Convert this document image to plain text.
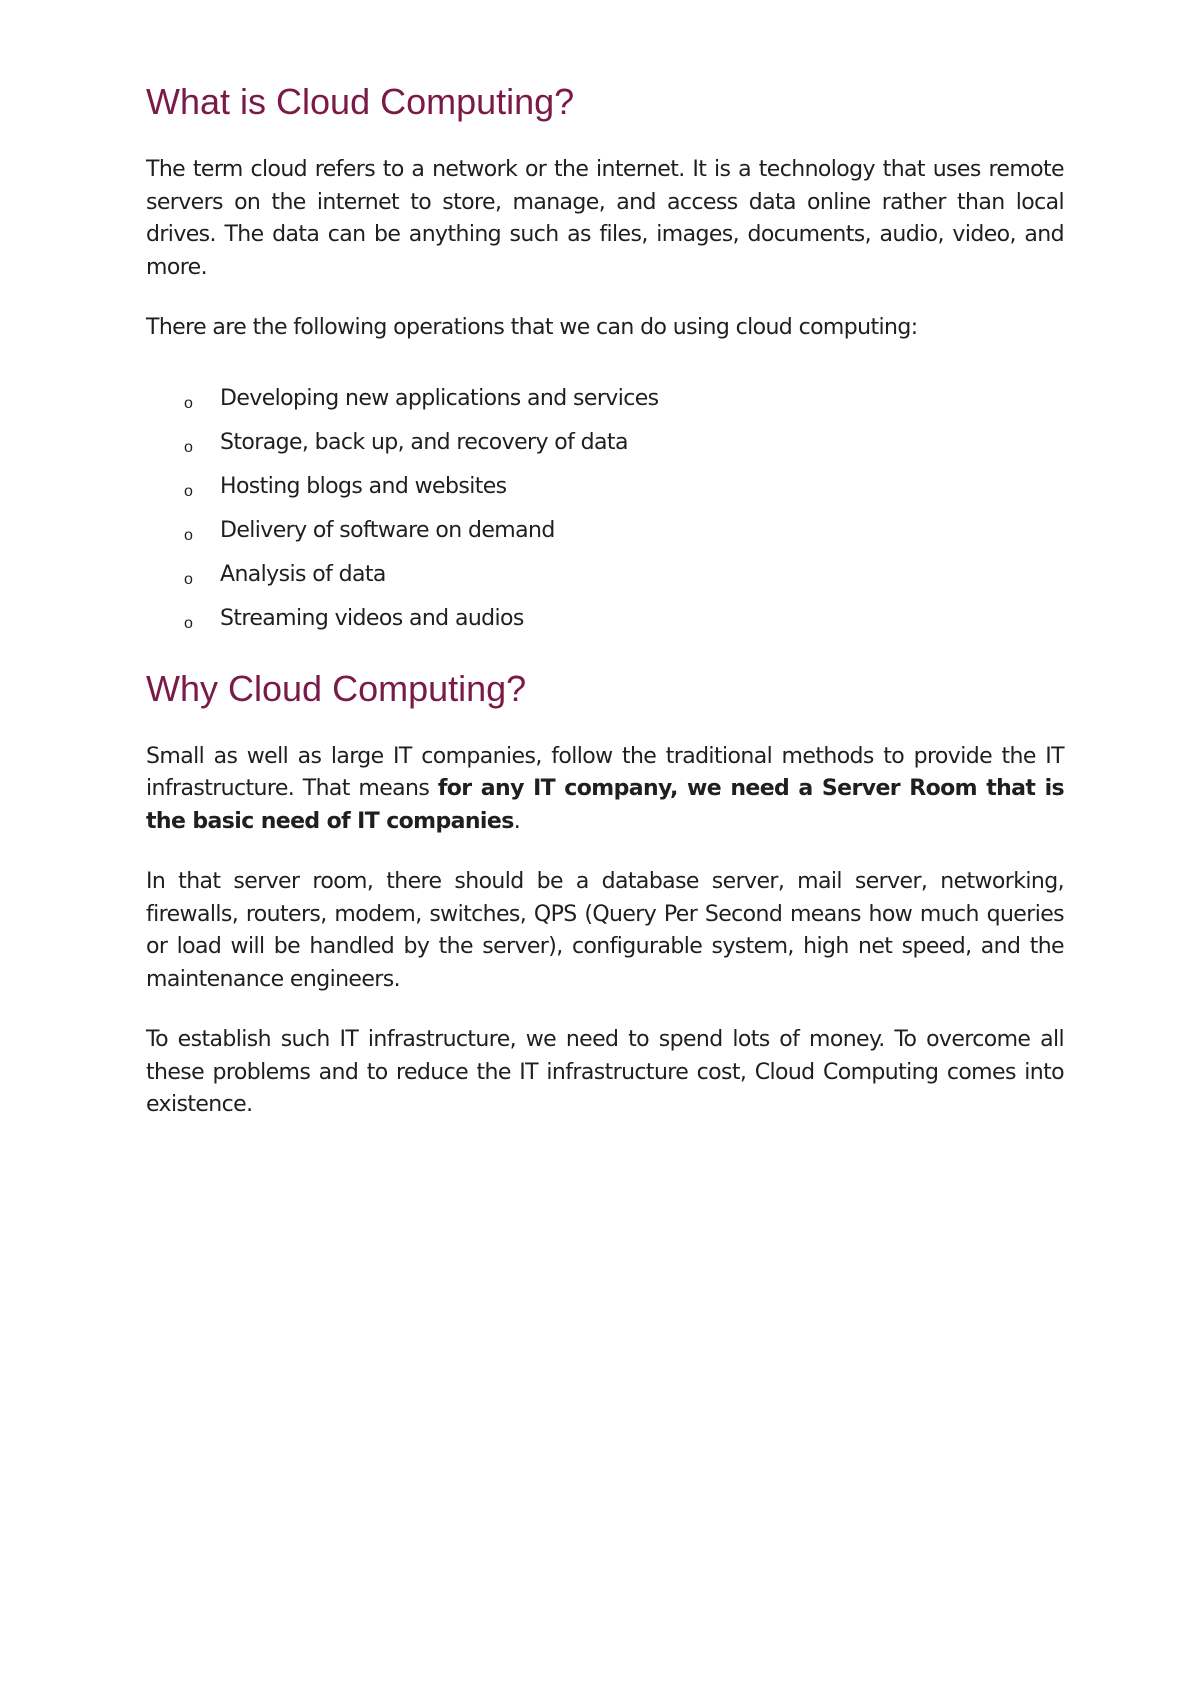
What is Cloud Computing?

The term cloud refers to a network or the internet. It is a technology that uses remote servers on the internet to store, manage, and access data online rather than local drives. The data can be anything such as files, images, documents, audio, video, and more.

There are the following operations that we can do using cloud computing:

o Developing new applications and services
o Storage, back up, and recovery of data
o Hosting blogs and websites
o Delivery of software on demand
o Analysis of data
o Streaming videos and audios
Why Cloud Computing?

Small as well as large IT companies, follow the traditional methods to provide the IT infrastructure. That means for any IT company, we need a Server Room that is the basic need of IT companies.

In that server room, there should be a database server, mail server, networking, firewalls, routers, modem, switches, QPS (Query Per Second means how much queries or load will be handled by the server), configurable system, high net speed, and the maintenance engineers.

To establish such IT infrastructure, we need to spend lots of money. To overcome all these problems and to reduce the IT infrastructure cost, Cloud Computing comes into existence.
